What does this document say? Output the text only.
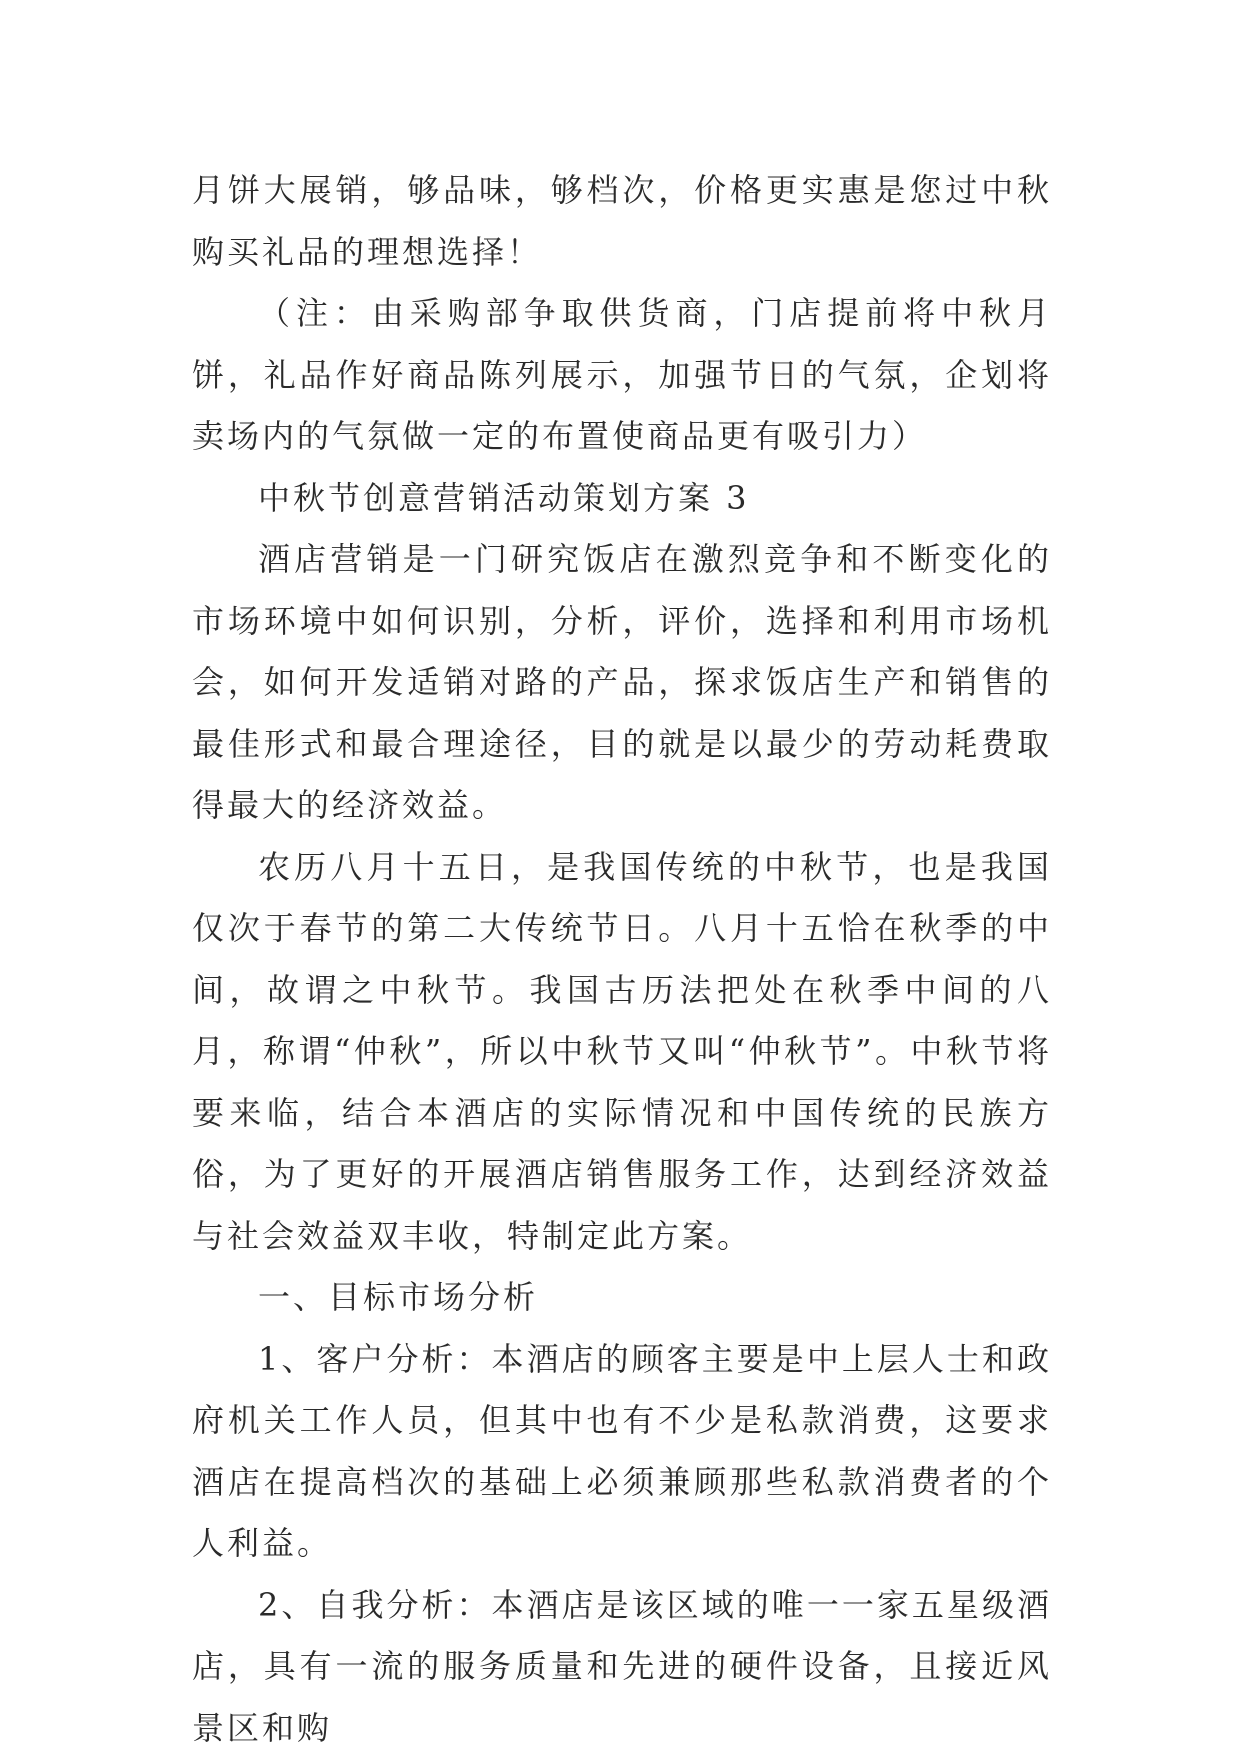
月饼大展销，够品味，够档次，价格更实惠是您过中秋购买礼品的理想选择！

（注：由采购部争取供货商，门店提前将中秋月饼，礼品作好商品陈列展示，加强节日的气氛，企划将卖场内的气氛做一定的布置使商品更有吸引力）

中秋节创意营销活动策划方案 3

酒店营销是一门研究饭店在激烈竞争和不断变化的市场环境中如何识别，分析，评价，选择和利用市场机会，如何开发适销对路的产品，探求饭店生产和销售的最佳形式和最合理途径，目的就是以最少的劳动耗费取得最大的经济效益。

农历八月十五日，是我国传统的中秋节，也是我国仅次于春节的第二大传统节日。八月十五恰在秋季的中间，故谓之中秋节。我国古历法把处在秋季中间的八月，称谓“仲秋”，所以中秋节又叫“仲秋节”。中秋节将要来临，结合本酒店的实际情况和中国传统的民族方俗，为了更好的开展酒店销售服务工作，达到经济效益与社会效益双丰收，特制定此方案。

一、目标市场分析

1、客户分析：本酒店的顾客主要是中上层人士和政府机关工作人员，但其中也有不少是私款消费，这要求酒店在提高档次的基础上必须兼顾那些私款消费者的个人利益。

2、自我分析：本酒店是该区域的唯一一家五星级酒店，具有一流的服务质量和先进的硬件设备，且接近风景区和购
